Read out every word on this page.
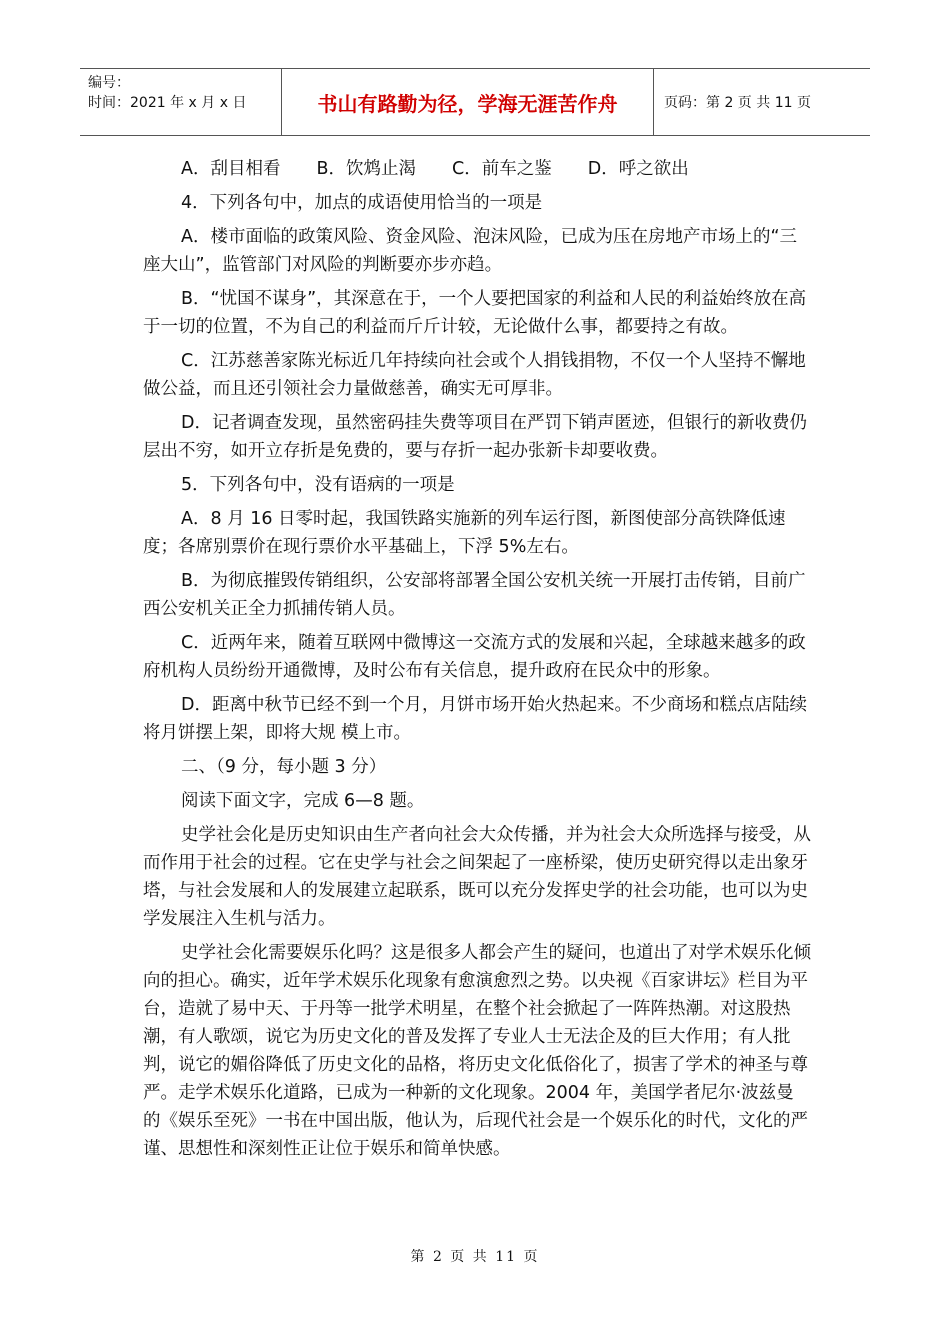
编号：
时间：2021 年 x 月 x 日	书山有路勤为径，学海无涯苦作舟	页码：第 2 页 共 11 页
A．刮目相看 B．饮鸩止渴 C．前车之鉴 D．呼之欲出

4．下列各句中，加点的成语使用恰当的一项是

A．楼市面临的政策风险、资金风险、泡沫风险，已成为压在房地产市场上的“三座大山”，监管部门对风险的判断要亦步亦趋。

B．“忧国不谋身”，其深意在于，一个人要把国家的利益和人民的利益始终放在高于一切的位置，不为自己的利益而斤斤计较，无论做什么事，都要持之有故。

C．江苏慈善家陈光标近几年持续向社会或个人捐钱捐物，不仅一个人坚持不懈地做公益，而且还引领社会力量做慈善，确实无可厚非。

D．记者调查发现，虽然密码挂失费等项目在严罚下销声匿迹，但银行的新收费仍层出不穷，如开立存折是免费的，要与存折一起办张新卡却要收费。

5．下列各句中，没有语病的一项是

A．8 月 16 日零时起，我国铁路实施新的列车运行图，新图使部分高铁降低速度；各席别票价在现行票价水平基础上，下浮 5%左右。

B．为彻底摧毁传销组织，公安部将部署全国公安机关统一开展打击传销，目前广西公安机关正全力抓捕传销人员。

C．近两年来，随着互联网中微博这一交流方式的发展和兴起，全球越来越多的政府机构人员纷纷开通微博，及时公布有关信息，提升政府在民众中的形象。

D．距离中秋节已经不到一个月，月饼市场开始火热起来。不少商场和糕点店陆续将月饼摆上架，即将大规 模上市。

二、（9 分，每小题 3 分）

阅读下面文字，完成 6—8 题。

史学社会化是历史知识由生产者向社会大众传播，并为社会大众所选择与接受，从而作用于社会的过程。它在史学与社会之间架起了一座桥梁，使历史研究得以走出象牙塔，与社会发展和人的发展建立起联系，既可以充分发挥史学的社会功能，也可以为史学发展注入生机与活力。

史学社会化需要娱乐化吗？这是很多人都会产生的疑问，也道出了对学术娱乐化倾向的担心。确实，近年学术娱乐化现象有愈演愈烈之势。以央视《百家讲坛》栏目为平台，造就了易中天、于丹等一批学术明星，在整个社会掀起了一阵阵热潮。对这股热潮，有人歌颂，说它为历史文化的普及发挥了专业人士无法企及的巨大作用；有人批判，说它的媚俗降低了历史文化的品格，将历史文化低俗化了，损害了学术的神圣与尊严。走学术娱乐化道路，已成为一种新的文化现象。2004 年，美国学者尼尔·波兹曼的《娱乐至死》一书在中国出版，他认为，后现代社会是一个娱乐化的时代，文化的严谨、思想性和深刻性正让位于娱乐和简单快感。

第 2 页 共 11 页
